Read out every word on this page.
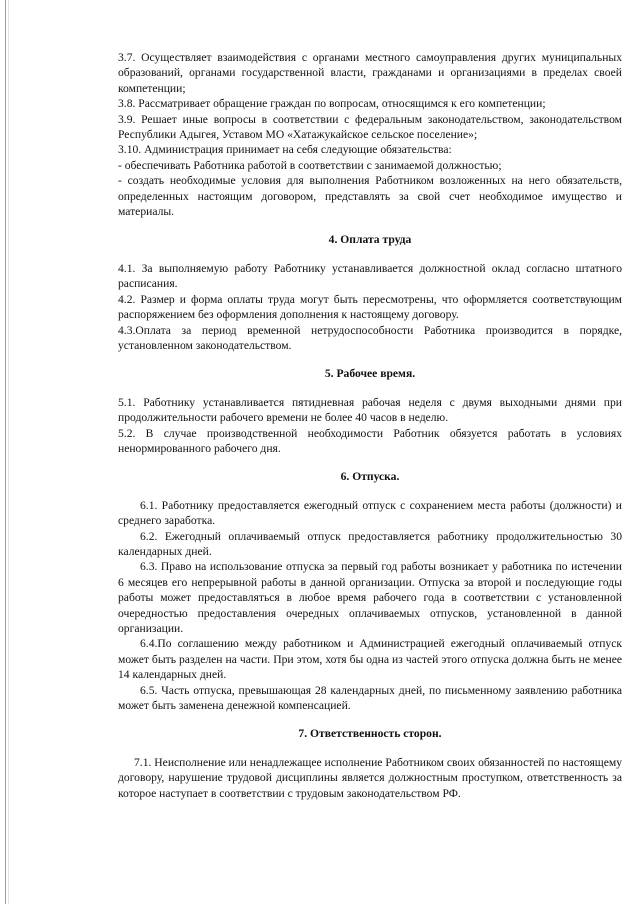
3.7. Осуществляет взаимодействия с органами местного самоуправления других муниципальных образований, органами государственной власти, гражданами и организациями в пределах своей компетенции;

3.8. Рассматривает обращение граждан по вопросам, относящимся к его компетенции;

3.9. Решает иные вопросы в соответствии с федеральным законодательством, законодательством Республики Адыгея, Уставом МО «Хатажукайское сельское поселение»;

3.10. Администрация принимает на себя следующие обязательства:

- обеспечивать Работника работой в соответствии с занимаемой должностью;

- создать необходимые условия для выполнения Работником возложенных на него обязательств, определенных настоящим договором, представлять за свой счет необходимое имущество и материалы.

4. Оплата труда

4.1. За выполняемую работу Работнику устанавливается должностной оклад согласно штатного расписания.

4.2. Размер и форма оплаты труда могут быть пересмотрены, что оформляется соответствующим распоряжением без оформления дополнения к настоящему договору.

4.3.Оплата за период временной нетрудоспособности Работника производится в порядке, установленном законодательством.

5. Рабочее время.

5.1. Работнику устанавливается пятидневная рабочая неделя с двумя выходными днями при продолжительности рабочего времени не более 40 часов в неделю.

5.2. В случае производственной необходимости Работник обязуется работать в условиях ненормированного рабочего дня.

6. Отпуска.

6.1. Работнику предоставляется ежегодный отпуск с сохранением места работы (должности) и среднего заработка.

6.2. Ежегодный оплачиваемый отпуск предоставляется работнику продолжительностью 30 календарных дней.

6.3. Право на использование отпуска за первый год работы возникает у работника по истечении 6 месяцев его непрерывной работы в данной организации. Отпуска за второй и последующие годы работы может предоставляться в любое время рабочего года в соответствии с установленной очередностью предоставления очередных оплачиваемых отпусков, установленной в данной организации.

6.4.По соглашению между работником и Администрацией ежегодный оплачиваемый отпуск может быть разделен на части. При этом, хотя бы одна из частей этого отпуска должна быть не менее 14 календарных дней.

6.5. Часть отпуска, превышающая 28 календарных дней, по письменному заявлению работника может быть заменена денежной компенсацией.

7. Ответственность сторон.

7.1. Неисполнение или ненадлежащее исполнение Работником своих обязанностей по настоящему договору, нарушение трудовой дисциплины является должностным проступком, ответственность за которое наступает в соответствии с трудовым законодательством РФ.
